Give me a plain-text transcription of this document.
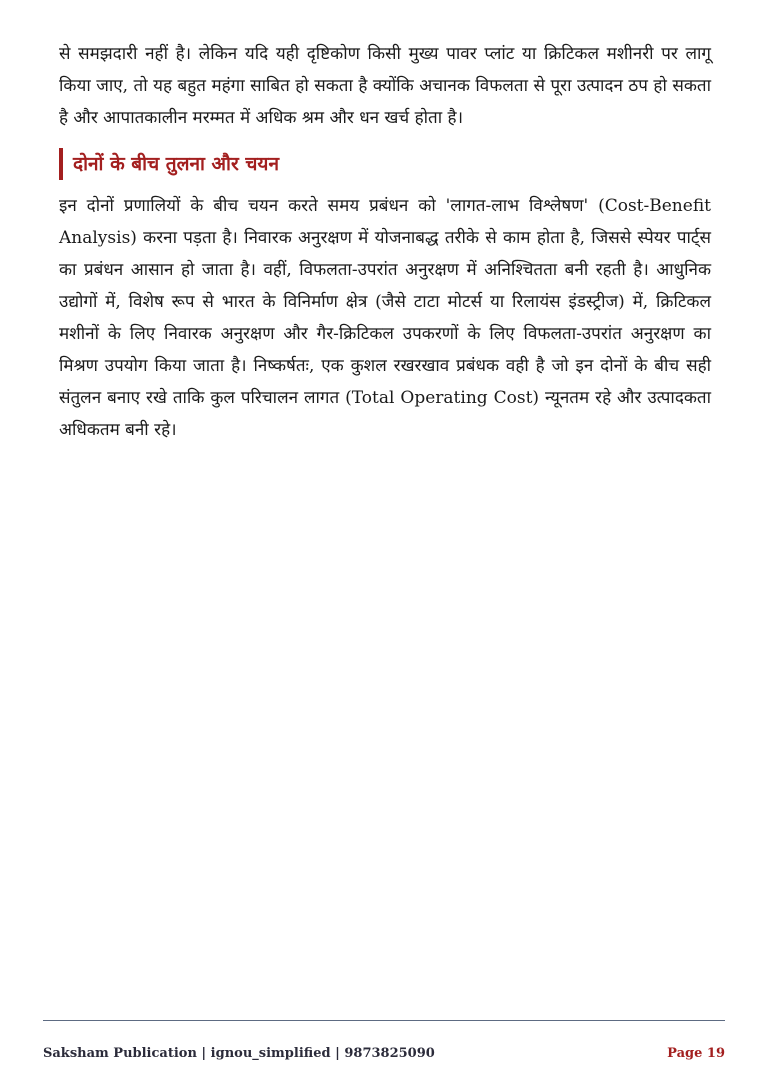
से समझदारी नहीं है। लेकिन यदि यही दृष्टिकोण किसी मुख्य पावर प्लांट या क्रिटिकल मशीनरी पर लागू किया जाए, तो यह बहुत महंगा साबित हो सकता है क्योंकि अचानक विफलता से पूरा उत्पादन ठप हो सकता है और आपातकालीन मरम्मत में अधिक श्रम और धन खर्च होता है।

दोनों के बीच तुलना और चयन

इन दोनों प्रणालियों के बीच चयन करते समय प्रबंधन को 'लागत-लाभ विश्लेषण' (Cost-Benefit Analysis) करना पड़ता है। निवारक अनुरक्षण में योजनाबद्ध तरीके से काम होता है, जिससे स्पेयर पार्ट्स का प्रबंधन आसान हो जाता है। वहीं, विफलता-उपरांत अनुरक्षण में अनिश्चितता बनी रहती है। आधुनिक उद्योगों में, विशेष रूप से भारत के विनिर्माण क्षेत्र (जैसे टाटा मोटर्स या रिलायंस इंडस्ट्रीज) में, क्रिटिकल मशीनों के लिए निवारक अनुरक्षण और गैर-क्रिटिकल उपकरणों के लिए विफलता-उपरांत अनुरक्षण का मिश्रण उपयोग किया जाता है। निष्कर्षतः, एक कुशल रखरखाव प्रबंधक वही है जो इन दोनों के बीच सही संतुलन बनाए रखे ताकि कुल परिचालन लागत (Total Operating Cost) न्यूनतम रहे और उत्पादकता अधिकतम बनी रहे।

Saksham Publication | ignou_simplified | 9873825090	Page 19
